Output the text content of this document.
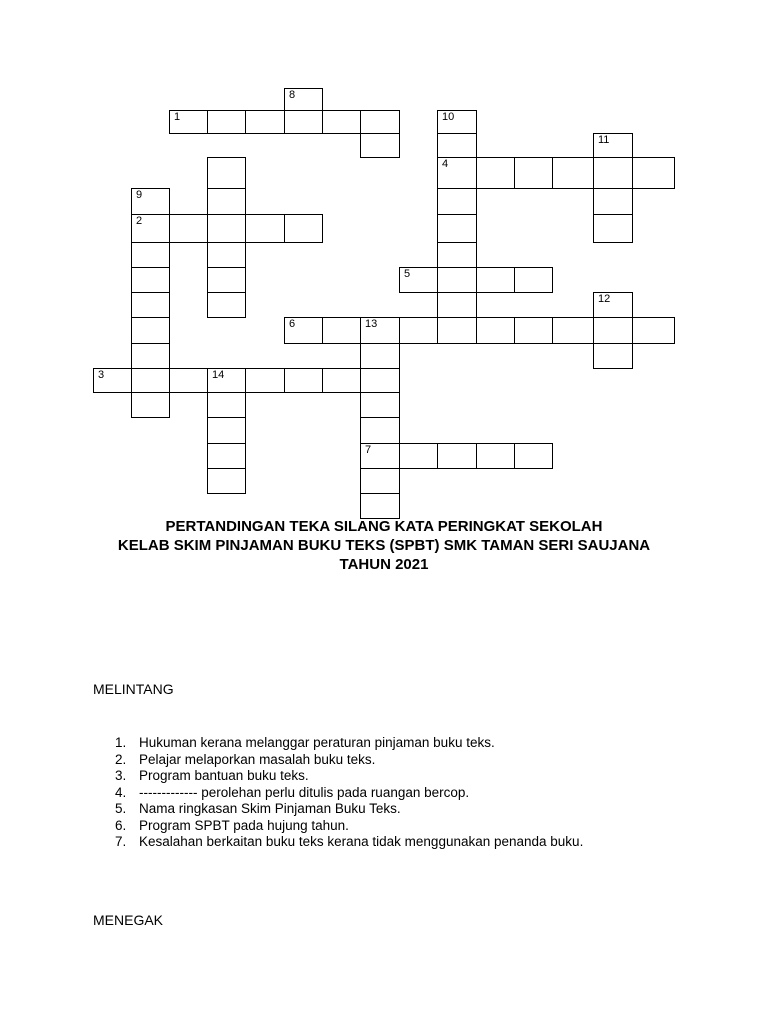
8
1	10
11
4
9
2
5
12
6	13
3	14
7
PERTANDINGAN TEKA SILANG KATA PERINGKAT SEKOLAH
KELAB SKIM PINJAMAN BUKU TEKS (SPBT) SMK TAMAN SERI SAUJANA
TAHUN 2021
MELINTANG
1. Hukuman kerana melanggar peraturan pinjaman buku teks.
2. Pelajar melaporkan masalah buku teks.
3. Program bantuan buku teks.
4. ------------- perolehan perlu ditulis pada ruangan bercop.
5. Nama ringkasan Skim Pinjaman Buku Teks.
6. Program SPBT pada hujung tahun.
7. Kesalahan berkaitan buku teks kerana tidak menggunakan penanda buku.
MENEGAK
